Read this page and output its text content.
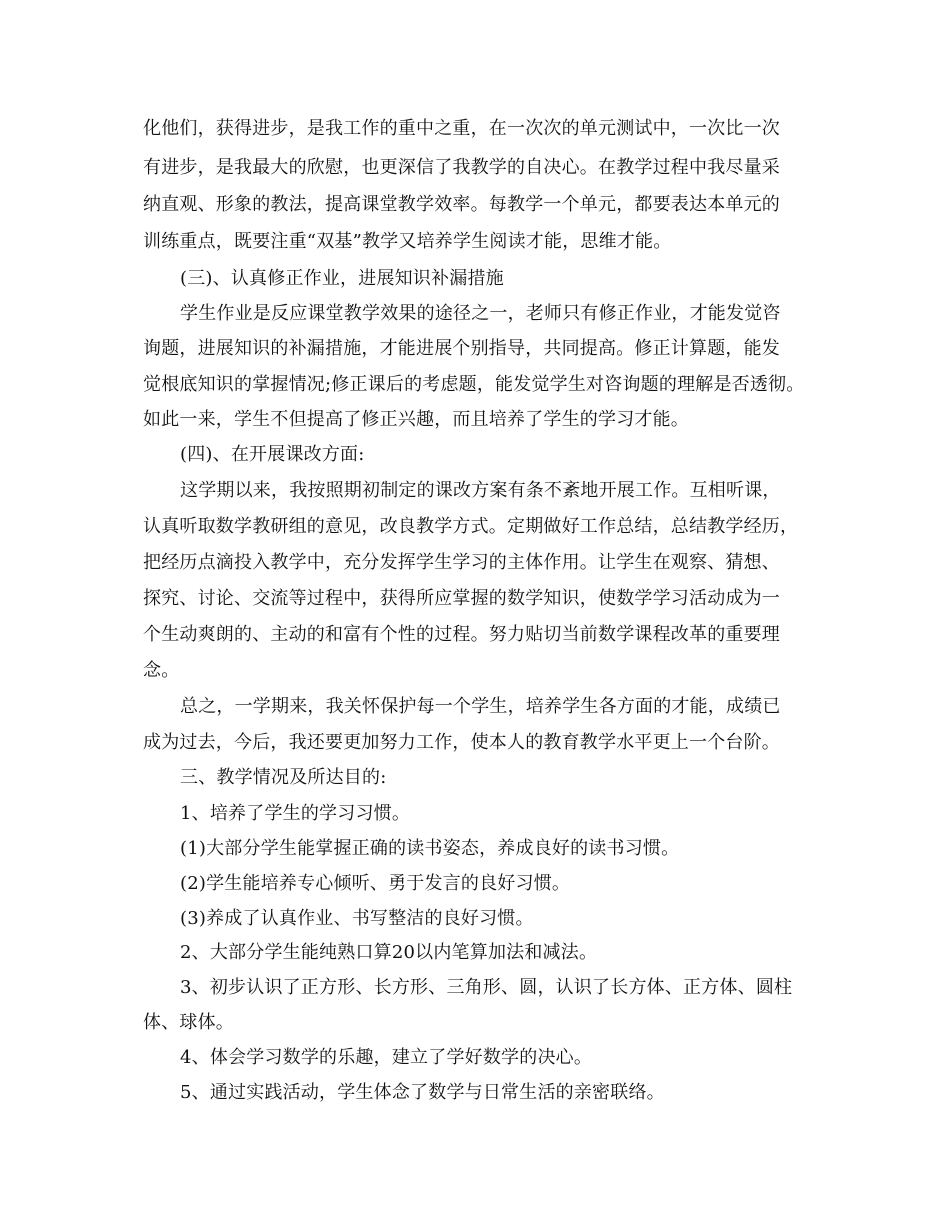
化他们，获得进步，是我工作的重中之重，在一次次的单元测试中，一次比一次
有进步，是我最大的欣慰，也更深信了我教学的自决心。在教学过程中我尽量采
纳直观、形象的教法，提高课堂教学效率。每教学一个单元，都要表达本单元的
训练重点，既要注重“双基”教学又培养学生阅读才能，思维才能。
(三)、认真修正作业，进展知识补漏措施
学生作业是反应课堂教学效果的途径之一，老师只有修正作业，才能发觉咨
询题，进展知识的补漏措施，才能进展个别指导，共同提高。修正计算题，能发
觉根底知识的掌握情况;修正课后的考虑题，能发觉学生对咨询题的理解是否透彻。
如此一来，学生不但提高了修正兴趣，而且培养了学生的学习才能。
(四)、在开展课改方面:
这学期以来，我按照期初制定的课改方案有条不紊地开展工作。互相听课，
认真听取数学教研组的意见，改良教学方式。定期做好工作总结，总结教学经历，
把经历点滴投入教学中，充分发挥学生学习的主体作用。让学生在观察、猜想、
探究、讨论、交流等过程中，获得所应掌握的数学知识，使数学学习活动成为一
个生动爽朗的、主动的和富有个性的过程。努力贴切当前数学课程改革的重要理
念。
总之，一学期来，我关怀保护每一个学生，培养学生各方面的才能，成绩已
成为过去，今后，我还要更加努力工作，使本人的教育教学水平更上一个台阶。
三、教学情况及所达目的:
1、培养了学生的学习习惯。
(1)大部分学生能掌握正确的读书姿态，养成良好的读书习惯。
(2)学生能培养专心倾听、勇于发言的良好习惯。
(3)养成了认真作业、书写整洁的良好习惯。
2、大部分学生能纯熟口算20以内笔算加法和减法。
3、初步认识了正方形、长方形、三角形、圆，认识了长方体、正方体、圆柱
体、球体。
4、体会学习数学的乐趣，建立了学好数学的决心。
5、通过实践活动，学生体念了数学与日常生活的亲密联络。
